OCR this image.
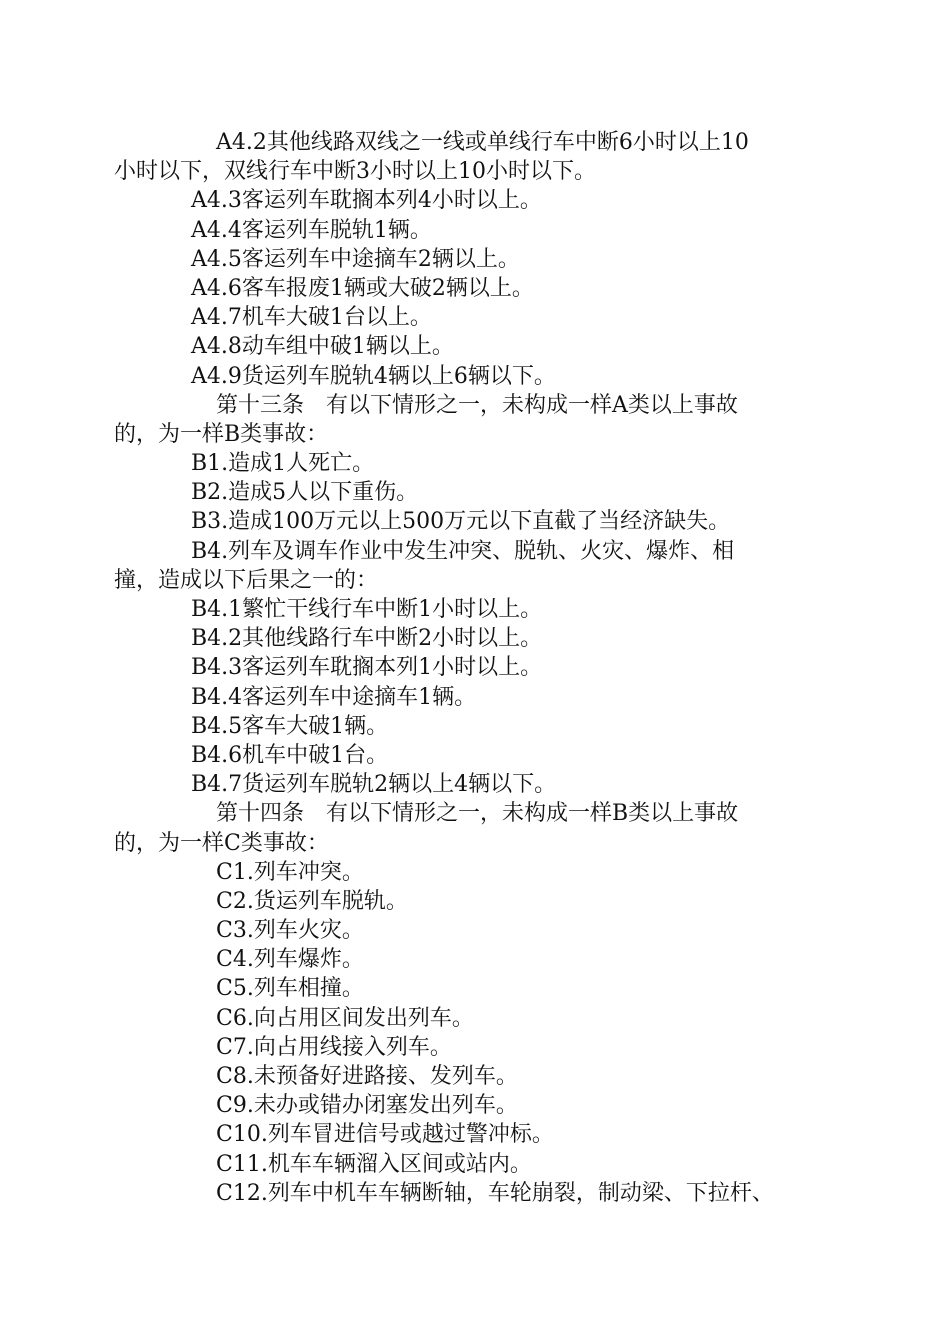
A4.2其他线路双线之一线或单线行车中断6小时以上10

小时以下，双线行车中断3小时以上10小时以下。

A4.3客运列车耽搁本列4小时以上。

A4.4客运列车脱轨1辆。

A4.5客运列车中途摘车2辆以上。

A4.6客车报废1辆或大破2辆以上。

A4.7机车大破1台以上。

A4.8动车组中破1辆以上。

A4.9货运列车脱轨4辆以上6辆以下。

第十三条　有以下情形之一，未构成一样A类以上事故

的，为一样B类事故：

B1.造成1人死亡。

B2.造成5人以下重伤。

B3.造成100万元以上500万元以下直截了当经济缺失。

B4.列车及调车作业中发生冲突、脱轨、火灾、爆炸、相

撞，造成以下后果之一的：

B4.1繁忙干线行车中断1小时以上。

B4.2其他线路行车中断2小时以上。

B4.3客运列车耽搁本列1小时以上。

B4.4客运列车中途摘车1辆。

B4.5客车大破1辆。

B4.6机车中破1台。

B4.7货运列车脱轨2辆以上4辆以下。

第十四条　有以下情形之一，未构成一样B类以上事故

的，为一样C类事故：

C1.列车冲突。

C2.货运列车脱轨。

C3.列车火灾。

C4.列车爆炸。

C5.列车相撞。

C6.向占用区间发出列车。

C7.向占用线接入列车。

C8.未预备好进路接、发列车。

C9.未办或错办闭塞发出列车。

C10.列车冒进信号或越过警冲标。

C11.机车车辆溜入区间或站内。

C12.列车中机车车辆断轴，车轮崩裂，制动梁、下拉杆、
